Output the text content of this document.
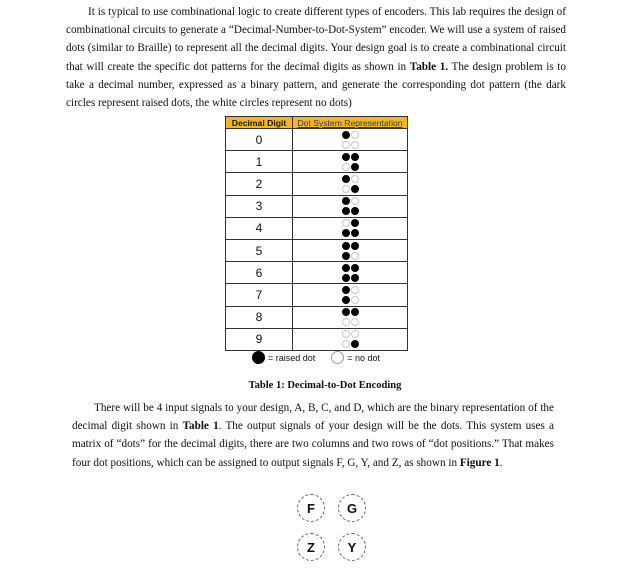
It is typical to use combinational logic to create different types of encoders. This lab requires the design of combinational circuits to generate a “Decimal-Number-to-Dot-System” encoder. We will use a system of raised dots (similar to Braille) to represent all the decimal digits. Your design goal is to create a combinational circuit that will create the specific dot patterns for the decimal digits as shown in Table 1. The design problem is to take a decimal number, expressed as a binary pattern, and generate the corresponding dot pattern (the dark circles represent raised dots, the white circles represent no dots)
Decimal Digit	Dot System Representation
0	

1	

2	

3	

4	

5	

6	

7	

8	

9	
= raised dot	= no dot
Table 1: Decimal-to-Dot Encoding
There will be 4 input signals to your design, A, B, C, and D, which are the binary representation of the decimal digit shown in Table 1. The output signals of your design will be the dots. This system uses a matrix of “dots” for the decimal digits, there are two columns and two rows of “dot positions.” That makes four dot positions, which can be assigned to output signals F, G, Y, and Z, as shown in Figure 1.
F	G
Z	Y
